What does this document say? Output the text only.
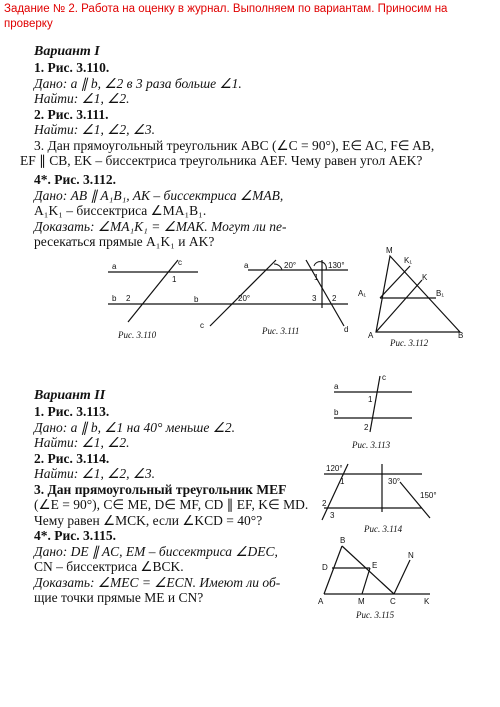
Задание № 2. Работа на оценку в журнал. Выполняем по вариантам. Приносим на проверку
Вариант I
1. Рис. 3.110.
Дано: a ∥ b, ∠2 в 3 раза больше ∠1.
Найти: ∠1, ∠2.
2. Рис. 3.111.
Найти: ∠1, ∠2, ∠3.
3. Дан прямоугольный треугольник ABC (∠C = 90°), E∈ AC, F∈ AB,
EF ∥ CB, EK – биссектриса треугольника AEF. Чему равен угол AEK?
4*. Рис. 3.112.
Дано: AB ∥ A₁B₁, AK – биссектриса ∠MAB,
A₁K₁ – биссектриса ∠MA₁B₁.
Доказать: ∠MA₁K₁ = ∠MAK. Могут ли пе-
ресекаться прямые A₁K₁ и AK?
a
b
c
1
2
Рис. 3.110
a
b
c	d
20°	130°
20°
1
2
3
Рис. 3.111
M
K₁
K
A₁	B₁
A	B
Рис. 3.112
Вариант II
1. Рис. 3.113.
Дано: a ∥ b, ∠1 на 40° меньше ∠2.
Найти: ∠1, ∠2.
2. Рис. 3.114.
Найти: ∠1, ∠2, ∠3.
3. Дан прямоугольный треугольник MEF
(∠E = 90°), C∈ ME, D∈ MF, CD ∥ EF, K∈ MD.
Чему равен ∠MCK, если ∠KCD = 40°?
4*. Рис. 3.115.
Дано: DE ∥ AC, EM – биссектриса ∠DEC,
CN – биссектриса ∠BCK.
Доказать: ∠MEC = ∠ECN. Имеют ли об-
щие точки прямые ME и CN?
a
b
c
1
2
Рис. 3.113
120°
30°
150°
1
2
3
Рис. 3.114
B
D	E
N
A	M	C	K
Рис. 3.115
